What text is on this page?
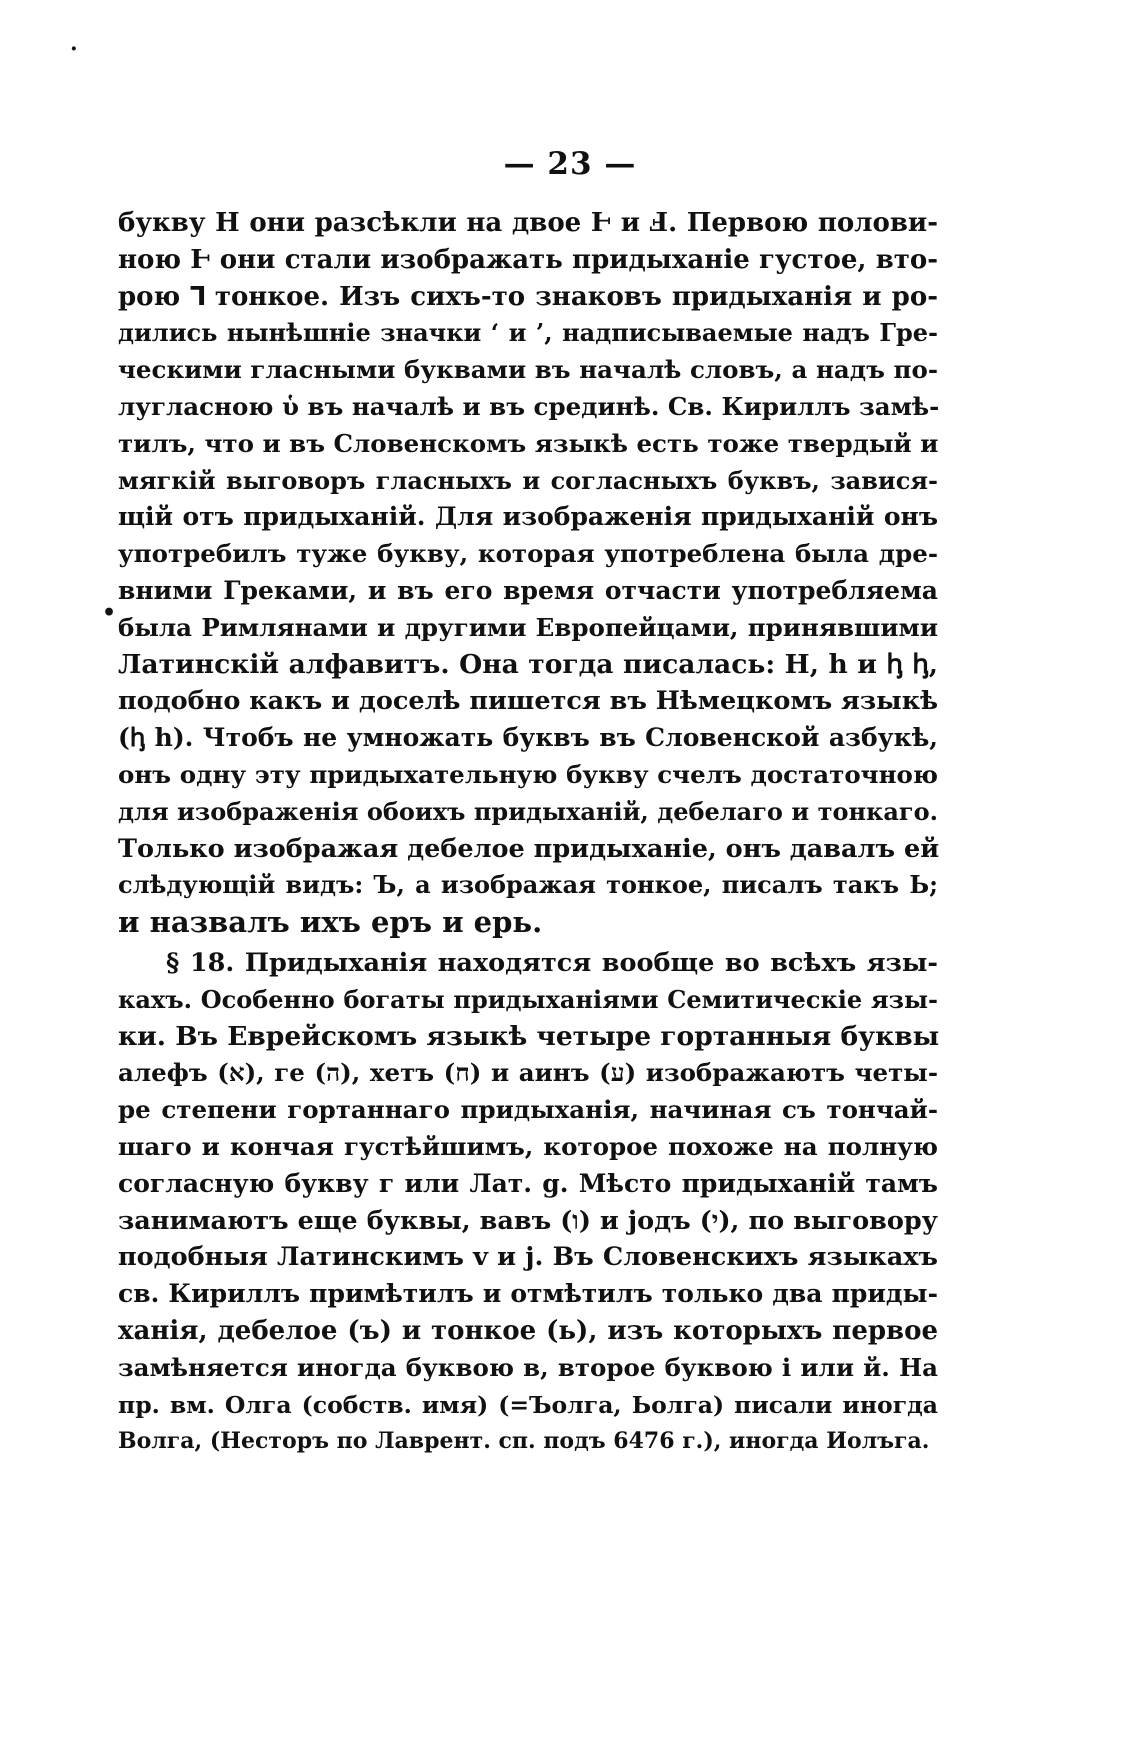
•
·
— 23 —
букву Н они разсѣкли на двое Ⱶ и Ⅎ. Первою полови-
ною Ⱶ они стали изображать придыханіе густое, вто-
рою ⅂ тонкое. Изъ сихъ-то знаковъ придыханія и ро-
дились нынѣшніе значки ‘ и ’, надписываемые надъ Гре-
ческими гласными буквами въ началѣ словъ, а надъ по-
лугласною ὑ въ началѣ и въ срединѣ. Св. Кириллъ замѣ-
тилъ, что и въ Словенскомъ языкѣ есть тоже твердый и
мягкій выговоръ гласныхъ и согласныхъ буквъ, завися-
щій отъ придыханій. Для изображенія придыханій онъ
употребилъ туже букву, которая употреблена была дре-
вними Греками, и въ его время отчасти употребляема
была Римлянами и другими Европейцами, принявшими
Латинскій алфавитъ. Она тогда писалась: Н, һ и ꞕ ꞕ,
подобно какъ и доселѣ пишется въ Нѣмецкомъ языкѣ
(ꞕ һ). Чтобъ не умножать буквъ въ Словенской азбукѣ,
онъ одну эту придыхательную букву счелъ достаточною
для изображенія обоихъ придыханій, дебелаго и тонкаго.
Только изображая дебелое придыханіе, онъ давалъ ей
слѣдующій видъ: Ъ, а изображая тонкое, писалъ такъ Ь;
и назвалъ ихъ еръ и ерь.
§ 18. Придыханія находятся вообще во всѣхъ язы-
кахъ. Особенно богаты придыханіями Семитическіе язы-
ки. Въ Еврейскомъ языкѣ четыре гортанныя буквы
алефъ (א), ге (ה), хетъ (ח) и аинъ (ע) изображаютъ четы-
ре степени гортаннаго придыханія, начиная съ тончай-
шаго и кончая густѣйшимъ, которое похоже на полную
согласную букву г или Лат. g. Мѣсто придыханій тамъ
занимаютъ еще буквы, вавъ (ו) и јодъ (י), по выговору
подобныя Латинскимъ v и j. Въ Словенскихъ языкахъ
св. Кириллъ примѣтилъ и отмѣтилъ только два приды-
ханія, дебелое (ъ) и тонкое (ь), изъ которыхъ первое
замѣняется иногда буквою в, второе буквою і или й. На
пр. вм. Олга (собств. имя) (=Ъолга, Ьолга) писали иногда
Волга, (Несторъ по Лаврент. сп. подъ 6476 г.), иногда Иолъга.
